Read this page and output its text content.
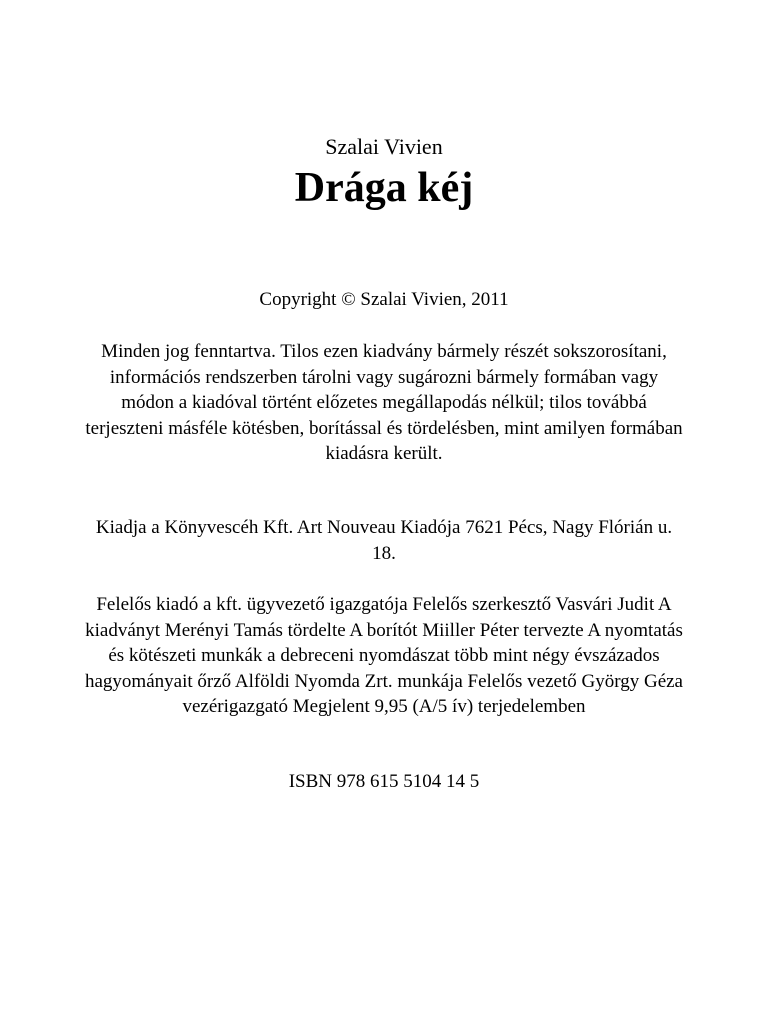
Szalai Vivien
Drága kéj
Copyright © Szalai Vivien, 2011
Minden jog fenntartva. Tilos ezen kiadvány bármely részét sokszorosítani, információs rendszerben tárolni vagy sugározni bármely formában vagy módon a kiadóval történt előzetes megállapodás nélkül; tilos továbbá terjeszteni másféle kötésben, borítással és tördelésben, mint amilyen formában kiadásra került.
Kiadja a Könyvescéh Kft. Art Nouveau Kiadója 7621 Pécs, Nagy Flórián u. 18.
Felelős kiadó a kft. ügyvezető igazgatója Felelős szerkesztő Vasvári Judit A kiadványt Merényi Tamás tördelte A borítót Miiller Péter tervezte A nyomtatás és kötészeti munkák a debreceni nyomdászat több mint négy évszázados hagyományait őrző Alföldi Nyomda Zrt. munkája Felelős vezető György Géza vezérigazgató Megjelent 9,95 (A/5 ív) terjedelemben
ISBN 978 615 5104 14 5
